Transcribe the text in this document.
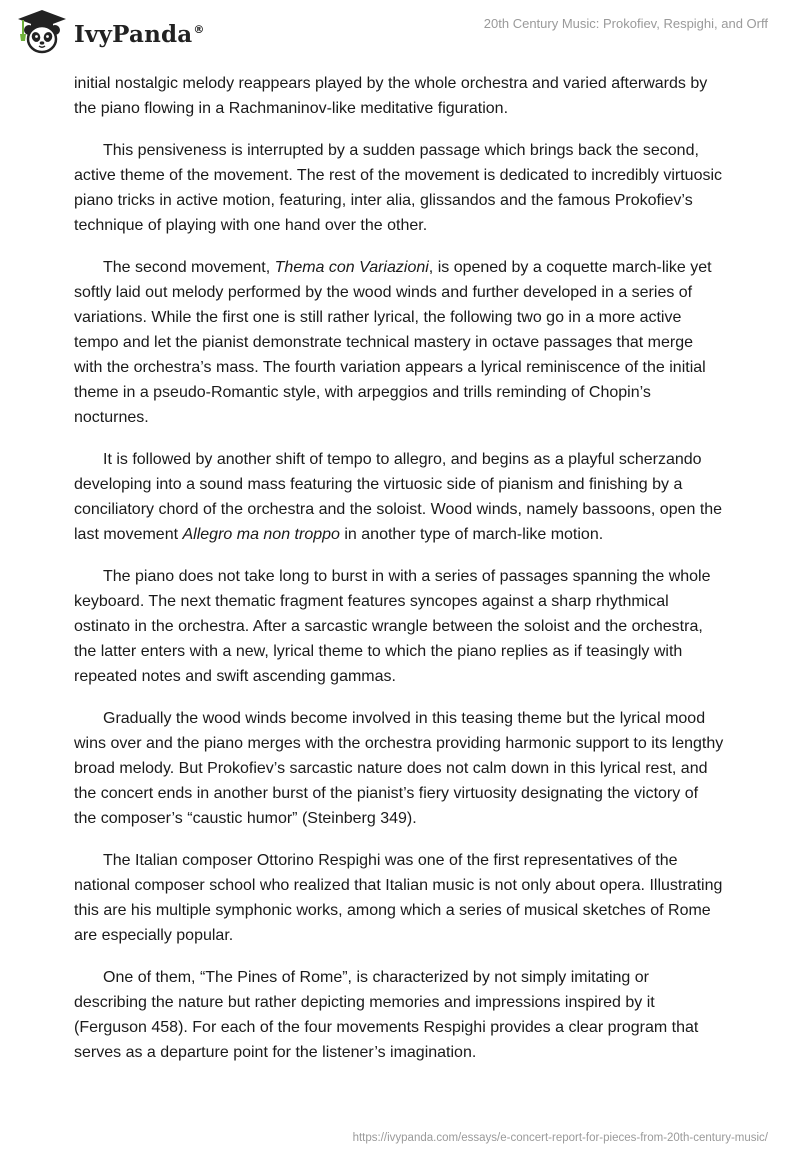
IvyPanda®	20th Century Music: Prokofiev, Respighi, and Orff

initial nostalgic melody reappears played by the whole orchestra and varied afterwards by the piano flowing in a Rachmaninov-like meditative figuration.

This pensiveness is interrupted by a sudden passage which brings back the second, active theme of the movement. The rest of the movement is dedicated to incredibly virtuosic piano tricks in active motion, featuring, inter alia, glissandos and the famous Prokofiev’s technique of playing with one hand over the other.

The second movement, Thema con Variazioni, is opened by a coquette march-like yet softly laid out melody performed by the wood winds and further developed in a series of variations. While the first one is still rather lyrical, the following two go in a more active tempo and let the pianist demonstrate technical mastery in octave passages that merge with the orchestra’s mass. The fourth variation appears a lyrical reminiscence of the initial theme in a pseudo-Romantic style, with arpeggios and trills reminding of Chopin’s nocturnes.

It is followed by another shift of tempo to allegro, and begins as a playful scherzando developing into a sound mass featuring the virtuosic side of pianism and finishing by a conciliatory chord of the orchestra and the soloist. Wood winds, namely bassoons, open the last movement Allegro ma non troppo in another type of march-like motion.

The piano does not take long to burst in with a series of passages spanning the whole keyboard. The next thematic fragment features syncopes against a sharp rhythmical ostinato in the orchestra. After a sarcastic wrangle between the soloist and the orchestra, the latter enters with a new, lyrical theme to which the piano replies as if teasingly with repeated notes and swift ascending gammas.

Gradually the wood winds become involved in this teasing theme but the lyrical mood wins over and the piano merges with the orchestra providing harmonic support to its lengthy broad melody. But Prokofiev’s sarcastic nature does not calm down in this lyrical rest, and the concert ends in another burst of the pianist’s fiery virtuosity designating the victory of the composer’s “caustic humor” (Steinberg 349).

The Italian composer Ottorino Respighi was one of the first representatives of the national composer school who realized that Italian music is not only about opera. Illustrating this are his multiple symphonic works, among which a series of musical sketches of Rome are especially popular.

One of them, “The Pines of Rome”, is characterized by not simply imitating or describing the nature but rather depicting memories and impressions inspired by it (Ferguson 458). For each of the four movements Respighi provides a clear program that serves as a departure point for the listener’s imagination.

https://ivypanda.com/essays/e-concert-report-for-pieces-from-20th-century-music/
